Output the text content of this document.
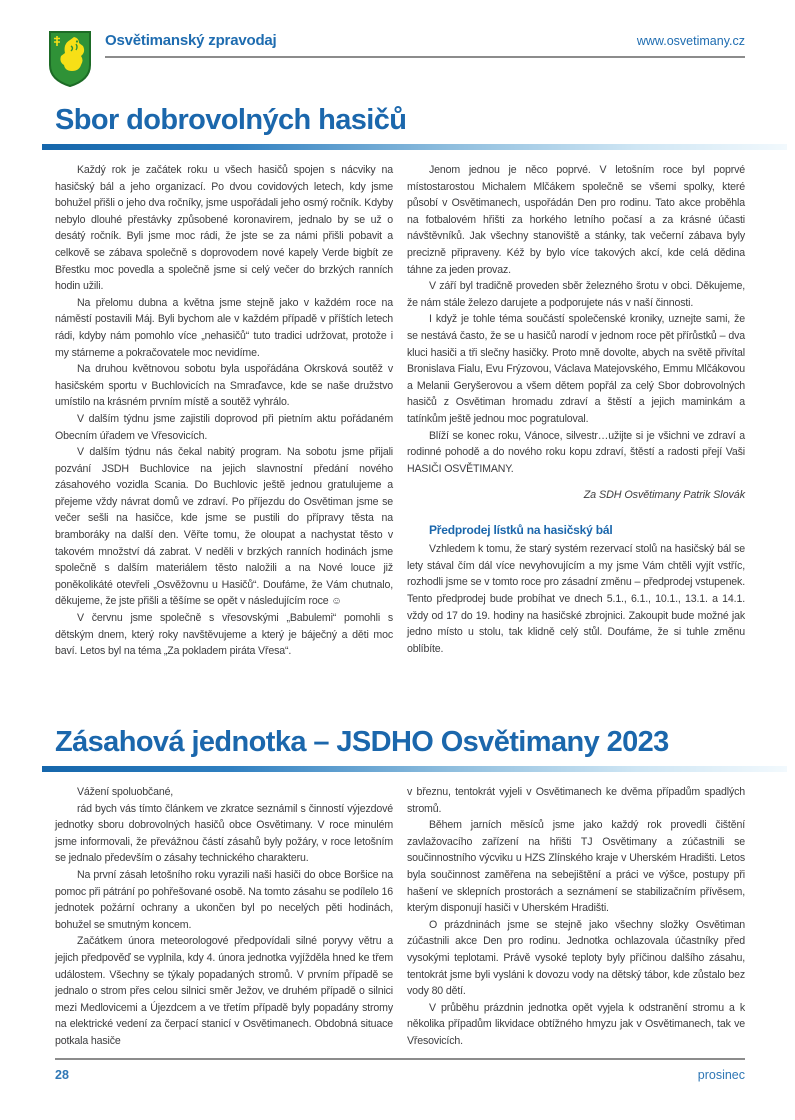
Osvětimanský zpravodaj	www.osvetimany.cz
Sbor dobrovolných hasičů

Každý rok je začátek roku u všech hasičů spojen s nácviky na hasičský bál a jeho organizací. Po dvou covidových letech, kdy jsme bohužel přišli o jeho dva ročníky, jsme uspořádali jeho osmý ročník. Kdyby nebylo dlouhé přestávky způsobené koronavirem, jednalo by se už o desátý ročník. Byli jsme moc rádi, že jste se za námi přišli pobavit a celkově se zábava společně s doprovodem nové kapely Verde bigbít ze Břestku moc povedla a společně jsme si celý večer do brzkých ranních hodin užili.

Na přelomu dubna a května jsme stejně jako v každém roce na náměstí postavili Máj. Byli bychom ale v každém případě v příštích letech rádi, kdyby nám pomohlo více „nehasičů“ tuto tradici udržovat, protože i my stárneme a pokračovatele moc nevidíme.

Na druhou květnovou sobotu byla uspořádána Okrsková soutěž v hasičském sportu v Buchlovicích na Smraďavce, kde se naše družstvo umístilo na krásném prvním místě a soutěž vyhrálo.

V dalším týdnu jsme zajistili doprovod při pietním aktu pořádaném Obecním úřadem ve Vřesovicích.

V dalším týdnu nás čekal nabitý program. Na sobotu jsme přijali pozvání JSDH Buchlovice na jejich slavnostní předání nového zásahového vozidla Scania. Do Buchlovic ještě jednou gratulujeme a přejeme vždy návrat domů ve zdraví. Po příjezdu do Osvětiman jsme se večer sešli na hasičce, kde jsme se pustili do přípravy těsta na bramboráky na další den. Věřte tomu, že oloupat a nachystat těsto v takovém množství dá zabrat. V neděli v brzkých ranních hodinách jsme společně s dalším materiálem těsto naložili a na Nové louce již poněkolikáté otevřeli „Osvěžovnu u Hasičů“. Doufáme, že Vám chutnalo, děkujeme, že jste přišli a těšíme se opět v následujícím roce ☺

V červnu jsme společně s vřesovskými „Babulemi“ pomohli s dětským dnem, který roky navštěvujeme a který je báječný a děti moc baví. Letos byl na téma „Za pokladem piráta Vřesa“.

Jenom jednou je něco poprvé. V letošním roce byl poprvé místostarostou Michalem Mlčákem společně se všemi spolky, které působí v Osvětimanech, uspořádán Den pro rodinu. Tato akce proběhla na fotbalovém hřišti za horkého letního počasí a za krásné účasti návštěvníků. Jak všechny stanoviště a stánky, tak večerní zábava byly precizně připraveny. Kéž by bylo více takových akcí, kde celá dědina táhne za jeden provaz.

V září byl tradičně proveden sběr železného šrotu v obci. Děkujeme, že nám stále železo darujete a podporujete nás v naší činnosti.

I když je tohle téma součástí společenské kroniky, uznejte sami, že se nestává často, že se u hasičů narodí v jednom roce pět přírůstků – dva kluci hasiči a tři slečny hasičky. Proto mně dovolte, abych na světě přivítal Bronislava Fialu, Evu Frýzovou, Václava Matejovského, Emmu Mlčákovou a Melanii Geryšerovou a všem dětem popřál za celý Sbor dobrovolných hasičů z Osvětiman hromadu zdraví a štěstí a jejich maminkám a tatínkům ještě jednou moc pogratuloval.

Blíží se konec roku, Vánoce, silvestr…užijte si je všichni ve zdraví a rodinné pohodě a do nového roku kopu zdraví, štěstí a radosti přejí Vaši HASIČI OSVĚTIMANY.

Za SDH Osvětimany Patrik Slovák
Předprodej lístků na hasičský bál

Vzhledem k tomu, že starý systém rezervací stolů na hasičský bál se lety stával čím dál více nevyhovujícím a my jsme Vám chtěli vyjít vstříc, rozhodli jsme se v tomto roce pro zásadní změnu – předprodej vstupenek. Tento předprodej bude probíhat ve dnech 5.1., 6.1., 10.1., 13.1. a 14.1. vždy od 17 do 19. hodiny na hasičské zbrojnici. Zakoupit bude možné jak jedno místo u stolu, tak klidně celý stůl. Doufáme, že si tuhle změnu oblíbíte.

Zásahová jednotka – JSDHO Osvětimany 2023

Vážení spoluobčané,

rád bych vás tímto článkem ve zkratce seznámil s činností výjezdové jednotky sboru dobrovolných hasičů obce Osvětimany. V roce minulém jsme informovali, že převážnou částí zásahů byly požáry, v roce letošním se jednalo především o zásahy technického charakteru.

Na první zásah letošního roku vyrazili naši hasiči do obce Boršice na pomoc při pátrání po pohřešované osobě. Na tomto zásahu se podílelo 16 jednotek požární ochrany a ukončen byl po necelých pěti hodinách, bohužel se smutným koncem.

Začátkem února meteorologové předpovídali silné poryvy větru a jejich předpověď se vyplnila, kdy 4. února jednotka vyjížděla hned ke třem událostem. Všechny se týkaly popadaných stromů. V prvním případě se jednalo o strom přes celou silnici směr Ježov, ve druhém případě o silnici mezi Medlovicemi a Újezdcem a ve třetím případě byly popadány stromy na elektrické vedení za čerpací stanicí v Osvětimanech. Obdobná situace potkala hasiče

v březnu, tentokrát vyjeli v Osvětimanech ke dvěma případům spadlých stromů.

Během jarních měsíců jsme jako každý rok provedli čištění zavlažovacího zařízení na hřišti TJ Osvětimany a zúčastnili se součinnostního výcviku u HZS Zlínského kraje v Uherském Hradišti. Letos byla součinnost zaměřena na sebejištění a práci ve výšce, postupy při hašení ve sklepních prostorách a seznámení se stabilizačním přívěsem, kterým disponují hasiči v Uherském Hradišti.

O prázdninách jsme se stejně jako všechny složky Osvětiman zúčastnili akce Den pro rodinu. Jednotka ochlazovala účastníky před vysokými teplotami. Právě vysoké teploty byly příčinou dalšího zásahu, tentokrát jsme byli vysláni k dovozu vody na dětský tábor, kde zůstalo bez vody 80 dětí.

V průběhu prázdnin jednotka opět vyjela k odstranění stromu a k několika případům likvidace obtížného hmyzu jak v Osvětimanech, tak ve Vřesovicích.

28	prosinec
